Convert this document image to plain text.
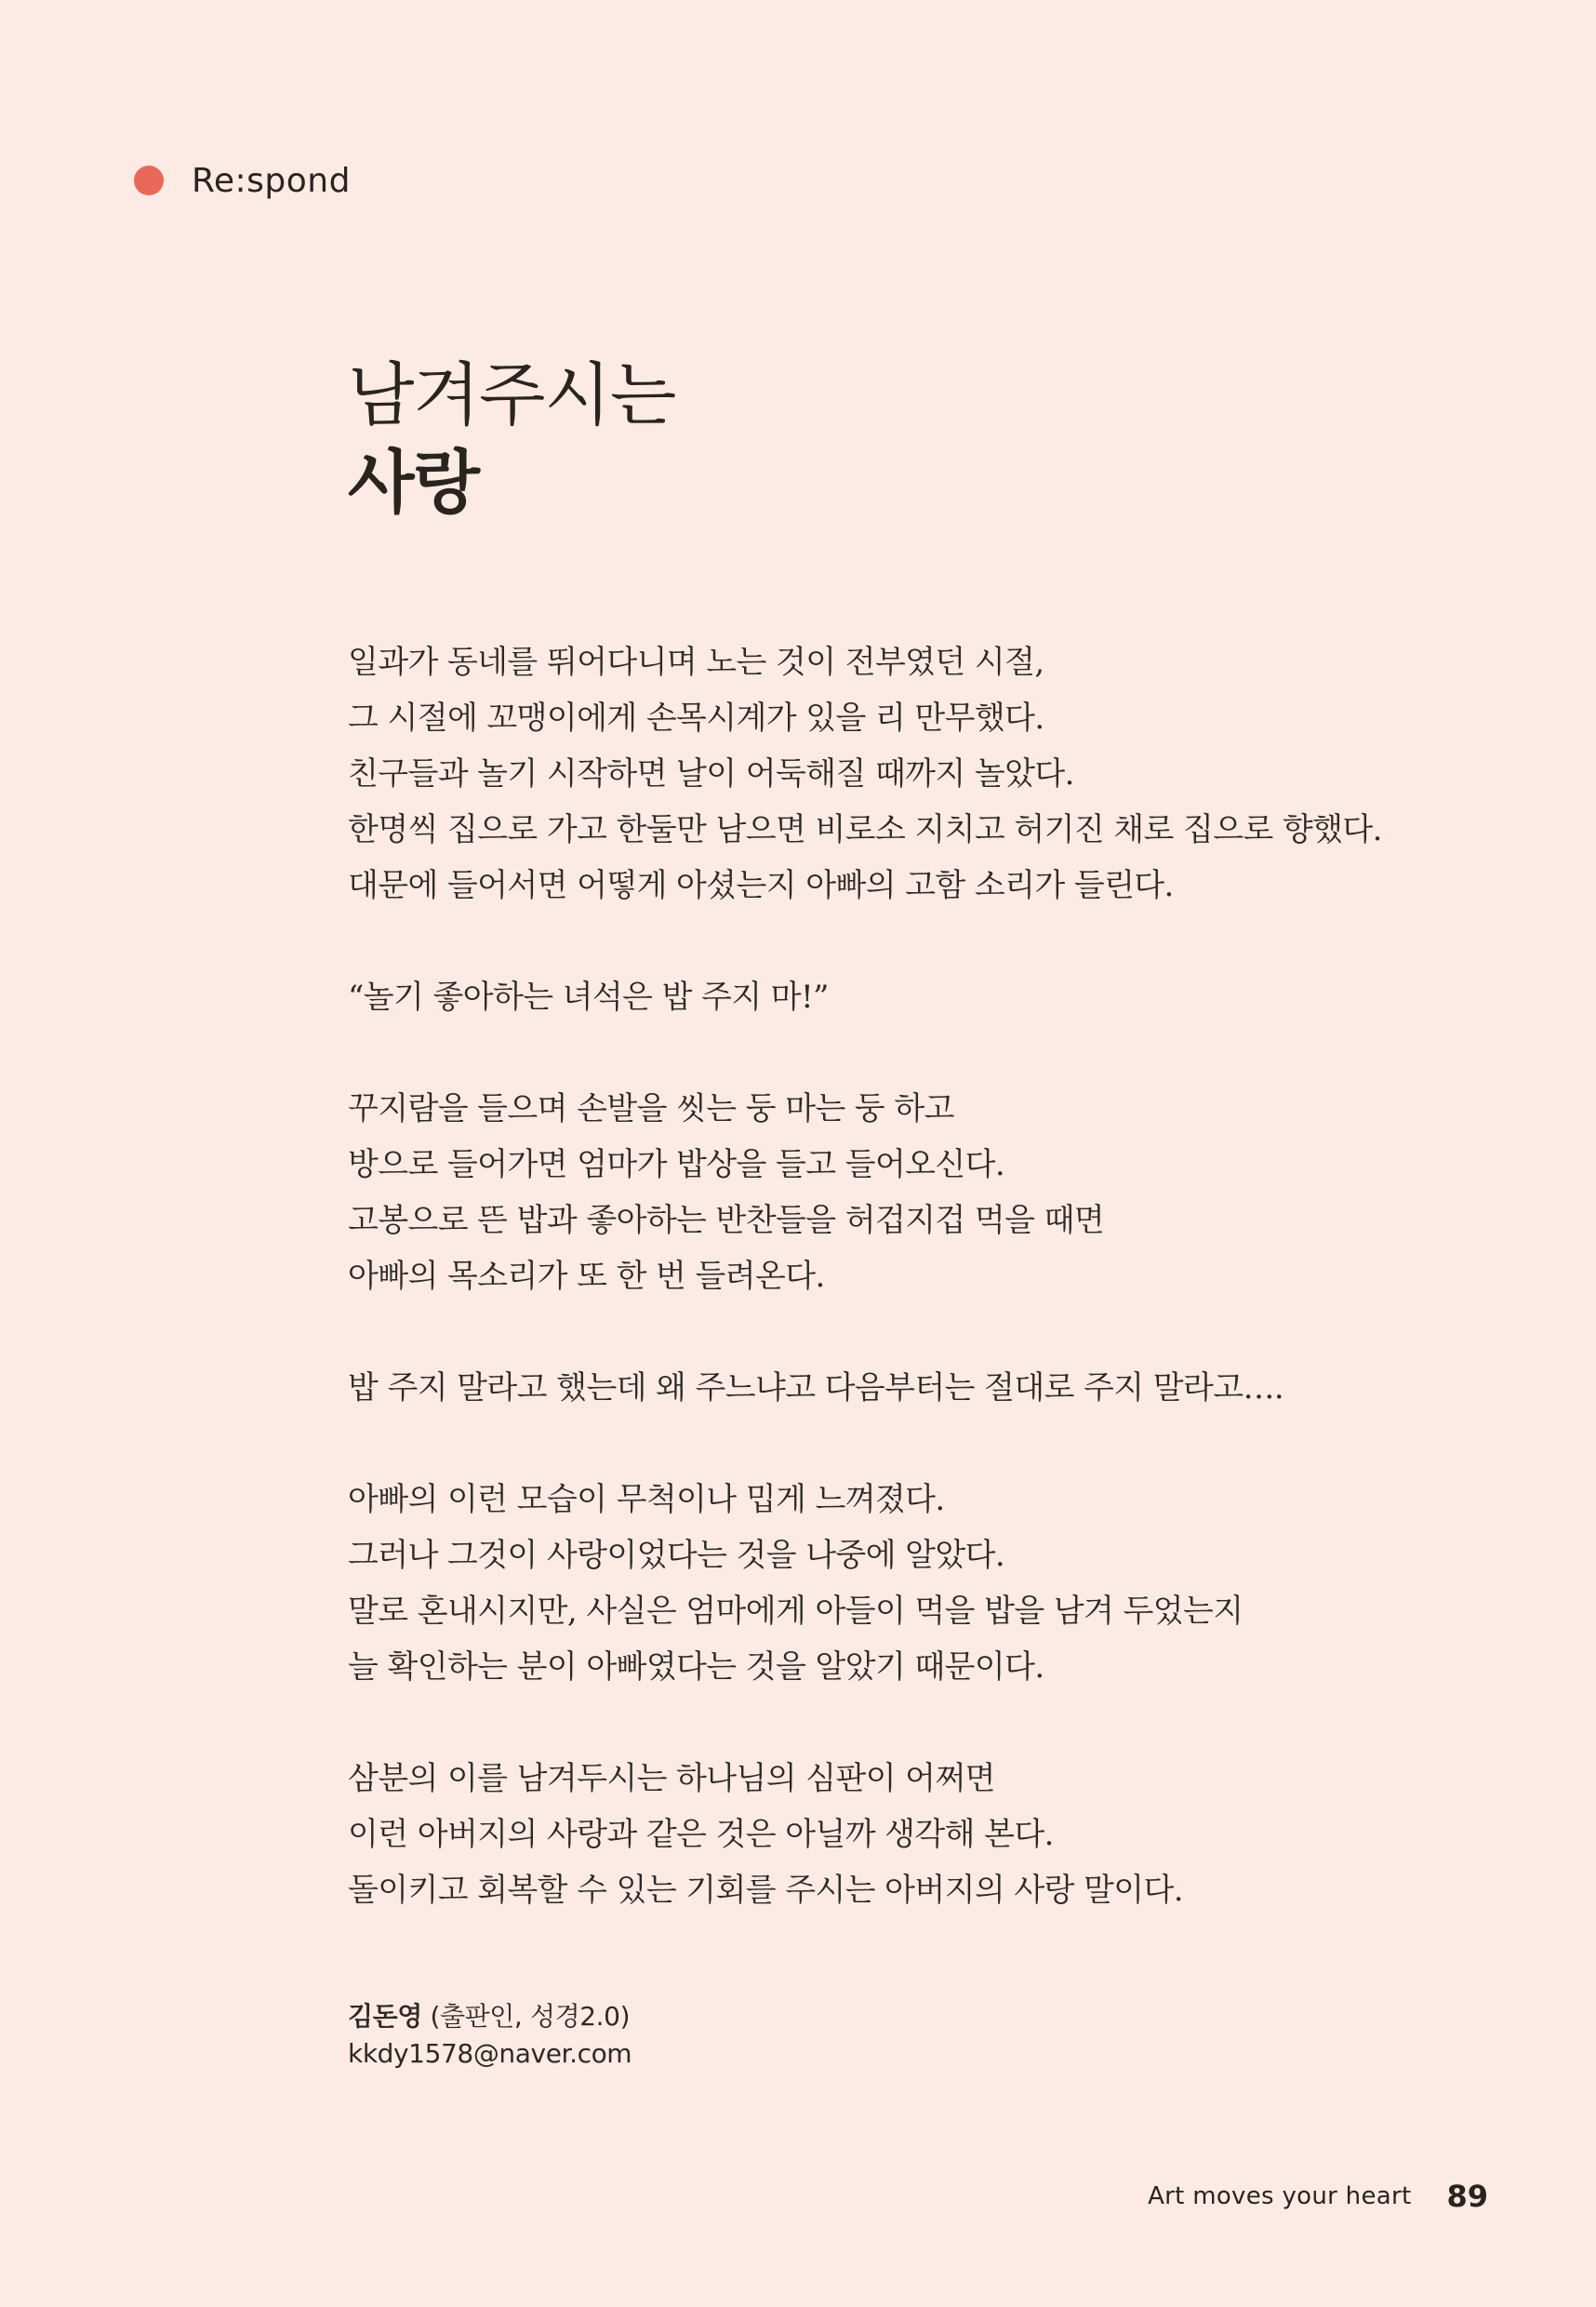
Re:spond
남겨주시는
사랑

일과가 동네를 뛰어다니며 노는 것이 전부였던 시절,
그 시절에 꼬맹이에게 손목시계가 있을 리 만무했다.
친구들과 놀기 시작하면 날이 어둑해질 때까지 놀았다.
한명씩 집으로 가고 한둘만 남으면 비로소 지치고 허기진 채로 집으로 향했다.
대문에 들어서면 어떻게 아셨는지 아빠의 고함 소리가 들린다.

“놀기 좋아하는 녀석은 밥 주지 마!”

꾸지람을 들으며 손발을 씻는 둥 마는 둥 하고
방으로 들어가면 엄마가 밥상을 들고 들어오신다.
고봉으로 뜬 밥과 좋아하는 반찬들을 허겁지겁 먹을 때면
아빠의 목소리가 또 한 번 들려온다.

밥 주지 말라고 했는데 왜 주느냐고 다음부터는 절대로 주지 말라고….

아빠의 이런 모습이 무척이나 밉게 느껴졌다.
그러나 그것이 사랑이었다는 것을 나중에 알았다.
말로 혼내시지만, 사실은 엄마에게 아들이 먹을 밥을 남겨 두었는지
늘 확인하는 분이 아빠였다는 것을 알았기 때문이다.

삼분의 이를 남겨두시는 하나님의 심판이 어쩌면
이런 아버지의 사랑과 같은 것은 아닐까 생각해 본다.
돌이키고 회복할 수 있는 기회를 주시는 아버지의 사랑 말이다.

김돈영 (출판인, 성경2.0)
kkdy1578@naver.com
Art moves your heart 89
